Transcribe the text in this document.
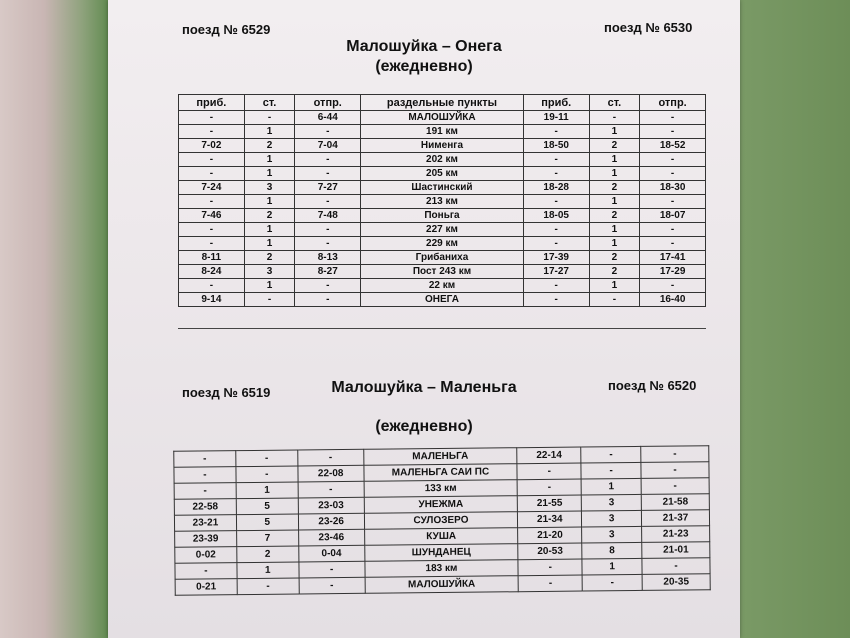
поезд № 6529	поезд № 6530
Малошуйка – Онега
(ежедневно)
приб.	ст.	отпр.	раздельные пункты	приб.	ст.	отпр.
-	-	6-44	МАЛОШУЙКА	19-11	-	-
-	1	-	191 км	-	1	-
7-02	2	7-04	Нименга	18-50	2	18-52
-	1	-	202 км	-	1	-
-	1	-	205 км	-	1	-
7-24	3	7-27	Шастинский	18-28	2	18-30
-	1	-	213 км	-	1	-
7-46	2	7-48	Поньга	18-05	2	18-07
-	1	-	227 км	-	1	-
-	1	-	229 км	-	1	-
8-11	2	8-13	Грибаниха	17-39	2	17-41
8-24	3	8-27	Пост 243 км	17-27	2	17-29
-	1	-	22 км	-	1	-
9-14	-	-	ОНЕГА	-	-	16-40
поезд № 6519	поезд № 6520
Малошуйка – Маленьга
(ежедневно)
-	-	-	МАЛЕНЬГА	22-14	-	-
-	-	22-08	МАЛЕНЬГА САИ ПС	-	-	-
-	1	-	133 км	-	1	-
22-58	5	23-03	УНЕЖМА	21-55	3	21-58
23-21	5	23-26	СУЛОЗЕРО	21-34	3	21-37
23-39	7	23-46	КУША	21-20	3	21-23
0-02	2	0-04	ШУНДАНЕЦ	20-53	8	21-01
-	1	-	183 км	-	1	-
0-21	-	-	МАЛОШУЙКА	-	-	20-35
